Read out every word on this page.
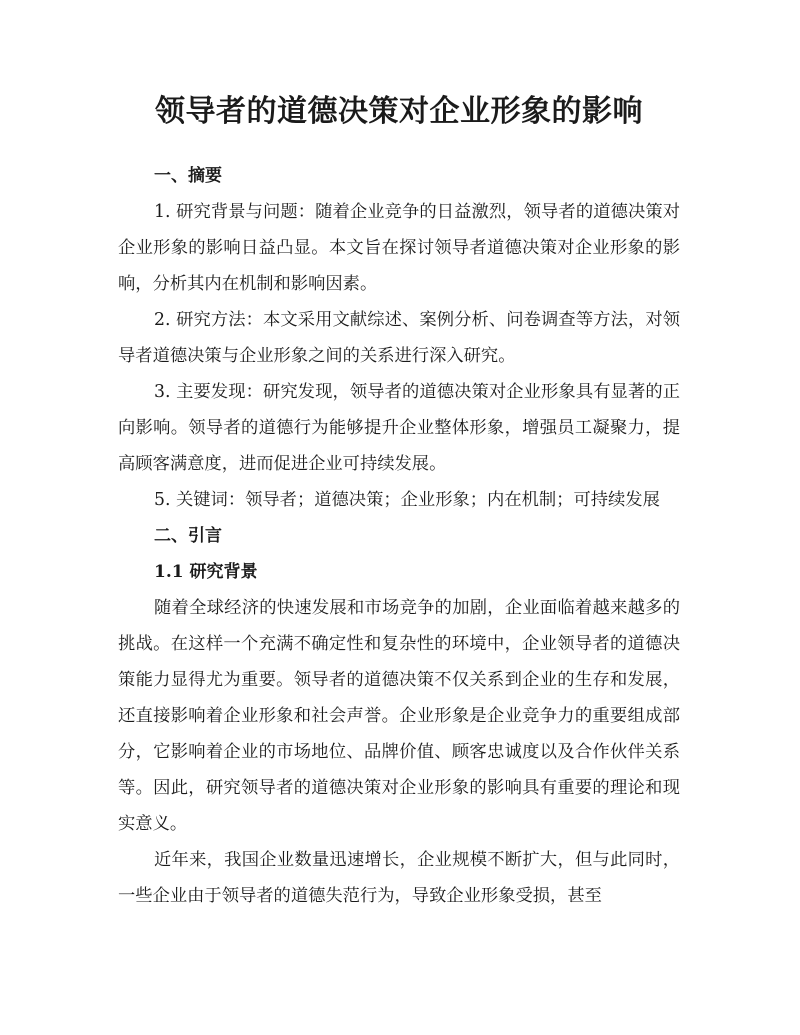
领导者的道德决策对企业形象的影响
一、摘要

1. 研究背景与问题：随着企业竞争的日益激烈，领导者的道德决策对企业形象的影响日益凸显。本文旨在探讨领导者道德决策对企业形象的影响，分析其内在机制和影响因素。

2. 研究方法：本文采用文献综述、案例分析、问卷调查等方法，对领导者道德决策与企业形象之间的关系进行深入研究。

3. 主要发现：研究发现，领导者的道德决策对企业形象具有显著的正向影响。领导者的道德行为能够提升企业整体形象，增强员工凝聚力，提高顾客满意度，进而促进企业可持续发展。

5. 关键词：领导者；道德决策；企业形象；内在机制；可持续发展

二、引言
1.1 研究背景

随着全球经济的快速发展和市场竞争的加剧，企业面临着越来越多的挑战。在这样一个充满不确定性和复杂性的环境中，企业领导者的道德决策能力显得尤为重要。领导者的道德决策不仅关系到企业的生存和发展，还直接影响着企业形象和社会声誉。企业形象是企业竞争力的重要组成部分，它影响着企业的市场地位、品牌价值、顾客忠诚度以及合作伙伴关系等。因此，研究领导者的道德决策对企业形象的影响具有重要的理论和现实意义。

近年来，我国企业数量迅速增长，企业规模不断扩大，但与此同时，一些企业由于领导者的道德失范行为，导致企业形象受损，甚至
